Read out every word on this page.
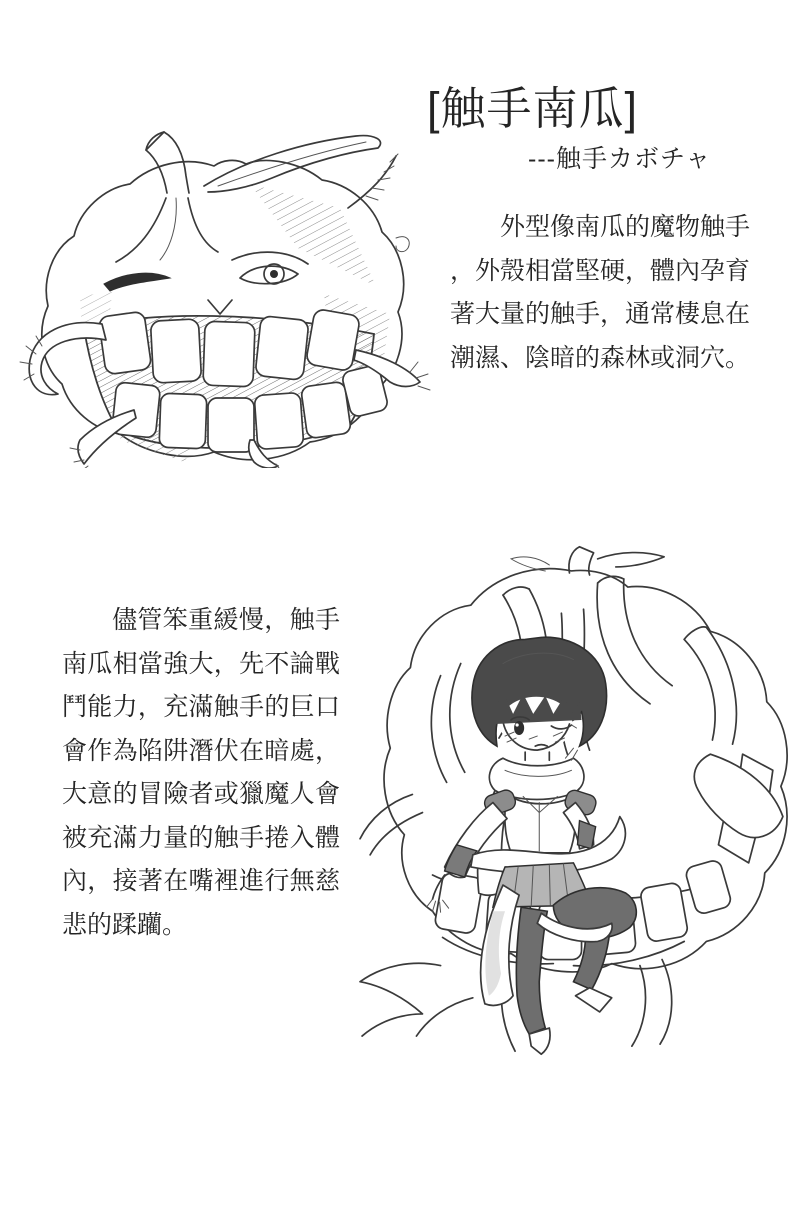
[触手南瓜]
---触手カボチャ
外型像南瓜的魔物触手
，外殼相當堅硬，體內孕育
著大量的触手，通常棲息在
潮濕、陰暗的森林或洞穴。
儘管笨重緩慢，触手
南瓜相當強大，先不論戰
鬥能力，充滿触手的巨口
會作為陷阱潛伏在暗處，
大意的冒險者或獵魔人會
被充滿力量的触手捲入體
內，接著在嘴裡進行無慈
悲的蹂躪。
